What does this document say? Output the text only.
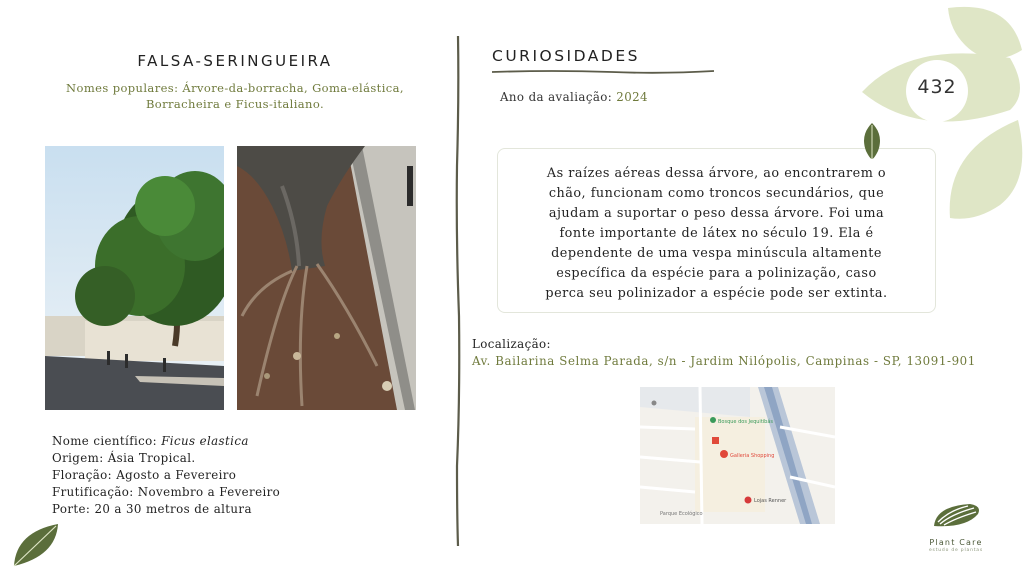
FALSA-SERINGUEIRA
Nomes populares: Árvore-da-borracha, Goma-elástica, Borracheira e Ficus-italiano.
Nome científico: Ficus elastica
Origem: Ásia Tropical.
Floração: Agosto a Fevereiro
Frutificação: Novembro a Fevereiro
Porte: 20 a 30 metros de altura
CURIOSIDADES
Ano da avaliação: 2024
As raízes aéreas dessa árvore, ao encontrarem o
chão, funcionam como troncos secundários, que
ajudam a suportar o peso dessa árvore. Foi uma
fonte importante de látex no século 19. Ela é
dependente de uma vespa minúscula altamente
específica da espécie para a polinização, caso
perca seu polinizador a espécie pode ser extinta.
Localização:
Av. Bailarina Selma Parada, s/n - Jardim Nilópolis, Campinas - SP, 13091-901
Bosque dos Jequitibás
Galleria Shopping
Lojas Renner
Parque Ecológico
432
Plant Care
estudo de plantas
